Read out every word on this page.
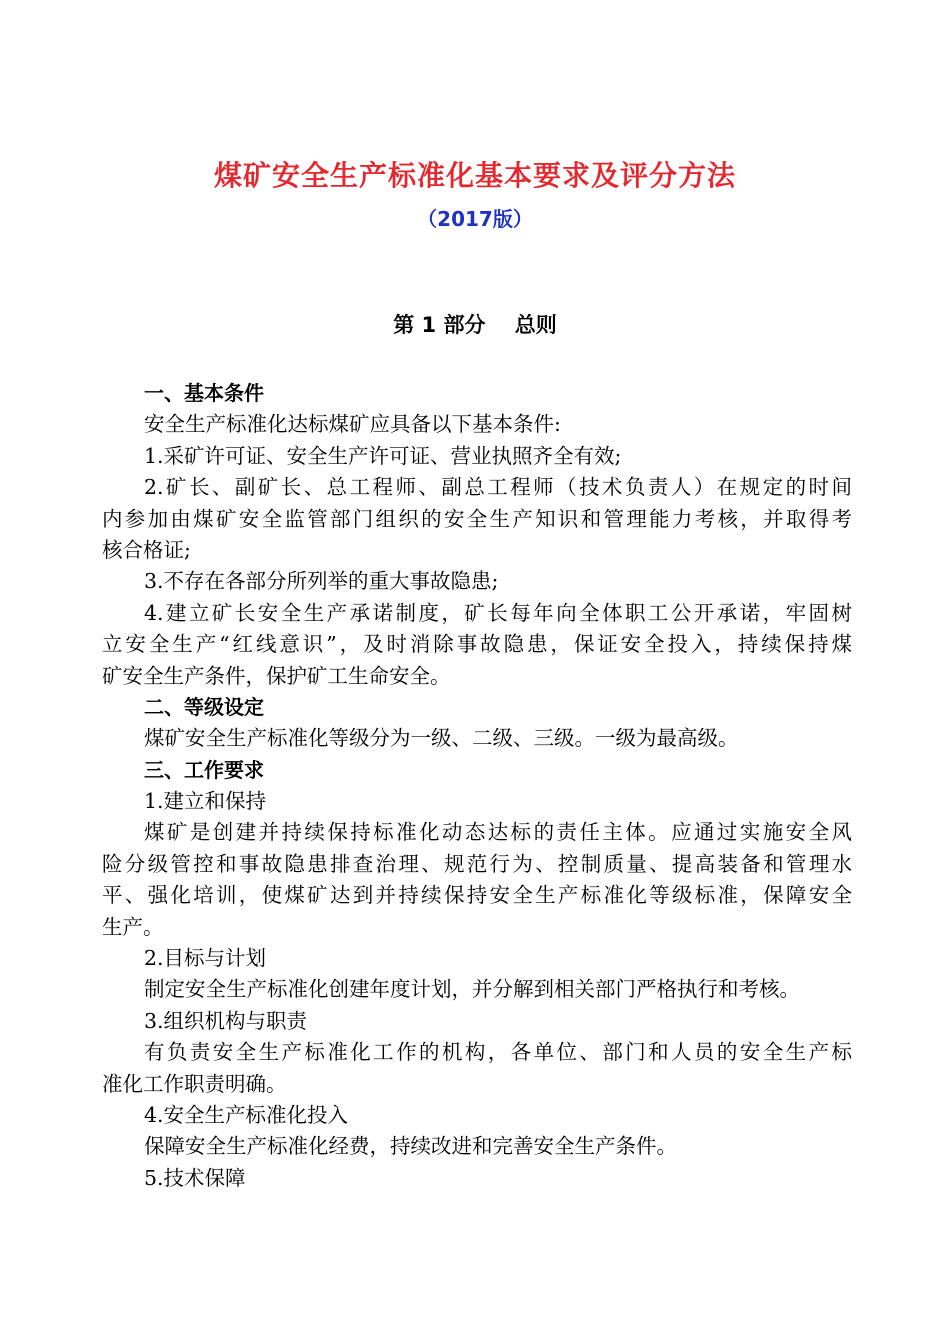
煤矿安全生产标准化基本要求及评分方法
（2017版）
第 1 部分    总则

一、基本条件

安全生产标准化达标煤矿应具备以下基本条件:

1.采矿许可证、安全生产许可证、营业执照齐全有效;

2.矿长、副矿长、总工程师、副总工程师（技术负责人）在规定的时间

内参加由煤矿安全监管部门组织的安全生产知识和管理能力考核，并取得考

核合格证;

3.不存在各部分所列举的重大事故隐患;

4.建立矿长安全生产承诺制度，矿长每年向全体职工公开承诺，牢固树

立安全生产“红线意识”，及时消除事故隐患，保证安全投入，持续保持煤

矿安全生产条件，保护矿工生命安全。

二、等级设定

煤矿安全生产标准化等级分为一级、二级、三级。一级为最高级。

三、工作要求

1.建立和保持

煤矿是创建并持续保持标准化动态达标的责任主体。应通过实施安全风

险分级管控和事故隐患排查治理、规范行为、控制质量、提高装备和管理水

平、强化培训，使煤矿达到并持续保持安全生产标准化等级标准，保障安全

生产。

2.目标与计划

制定安全生产标准化创建年度计划，并分解到相关部门严格执行和考核。

3.组织机构与职责

有负责安全生产标准化工作的机构，各单位、部门和人员的安全生产标

准化工作职责明确。

4.安全生产标准化投入

保障安全生产标准化经费，持续改进和完善安全生产条件。

5.技术保障
